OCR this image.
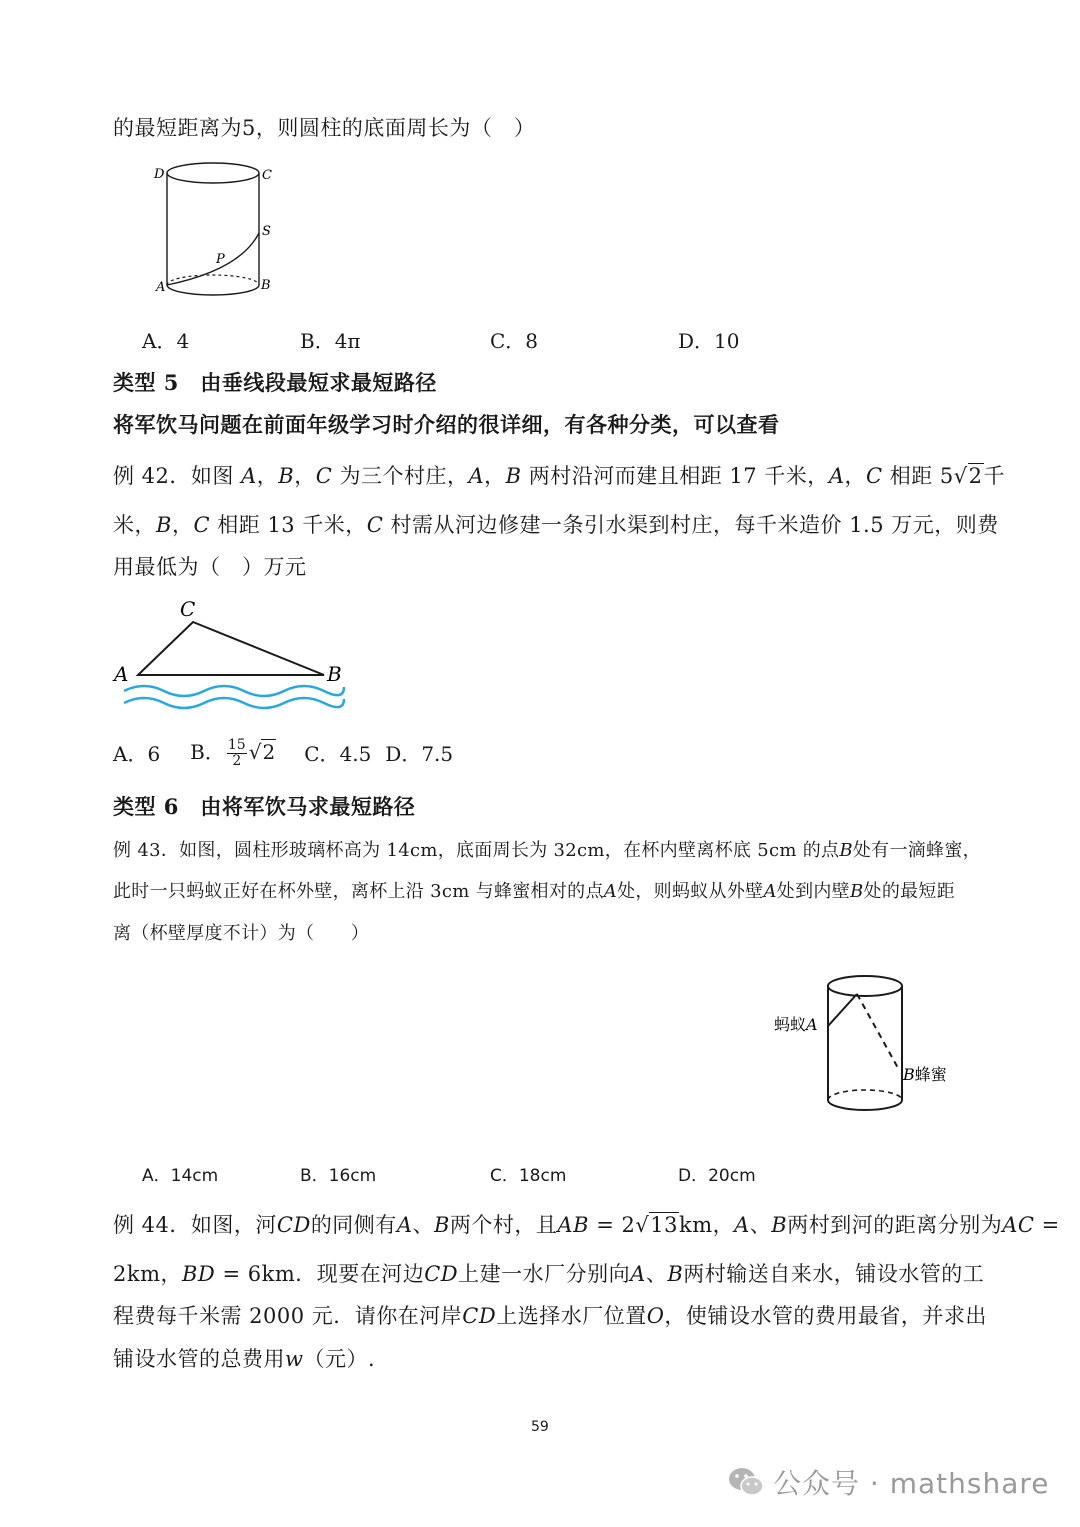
的最短距离为5，则圆柱的底面周长为（　）
D	C
S
P
A	B
A．4	B．4π	C．8	D．10
类型 5　由垂线段最短求最短路径
将军饮马问题在前面年级学习时介绍的很详细，有各种分类，可以查看
例 42．如图 A，B，C 为三个村庄，A，B 两村沿河而建且相距 17 千米，A，C 相距 5√2千
米，B，C 相距 13 千米，C 村需从河边修建一条引水渠到村庄，每千米造价 1.5 万元，则费
用最低为（　）万元
C
A	B
A．6 B． $\frac{15}{2} √2$ C．4.5 D．7.5
类型 6　由将军饮马求最短路径
例 43．如图，圆柱形玻璃杯高为 14cm，底面周长为 32cm，在杯内壁离杯底 5cm 的点B处有一滴蜂蜜，
此时一只蚂蚁正好在杯外壁，离杯上沿 3cm 与蜂蜜相对的点A处，则蚂蚁从外壁A处到内壁B处的最短距
离（杯壁厚度不计）为（　　）
蚂蚁A
B蜂蜜
A．14cm	B．16cm	C．18cm	D．20cm
例 44．如图，河CD的同侧有A、B两个村，且AB = 2√13km，A、B两村到河的距离分别为AC =
2km，BD = 6km．现要在河边CD上建一水厂分别向A、B两村输送自来水，铺设水管的工
程费每千米需 2000 元．请你在河岸CD上选择水厂位置O，使铺设水管的费用最省，并求出
铺设水管的总费用w（元）.
59
公众号 · mathshare
